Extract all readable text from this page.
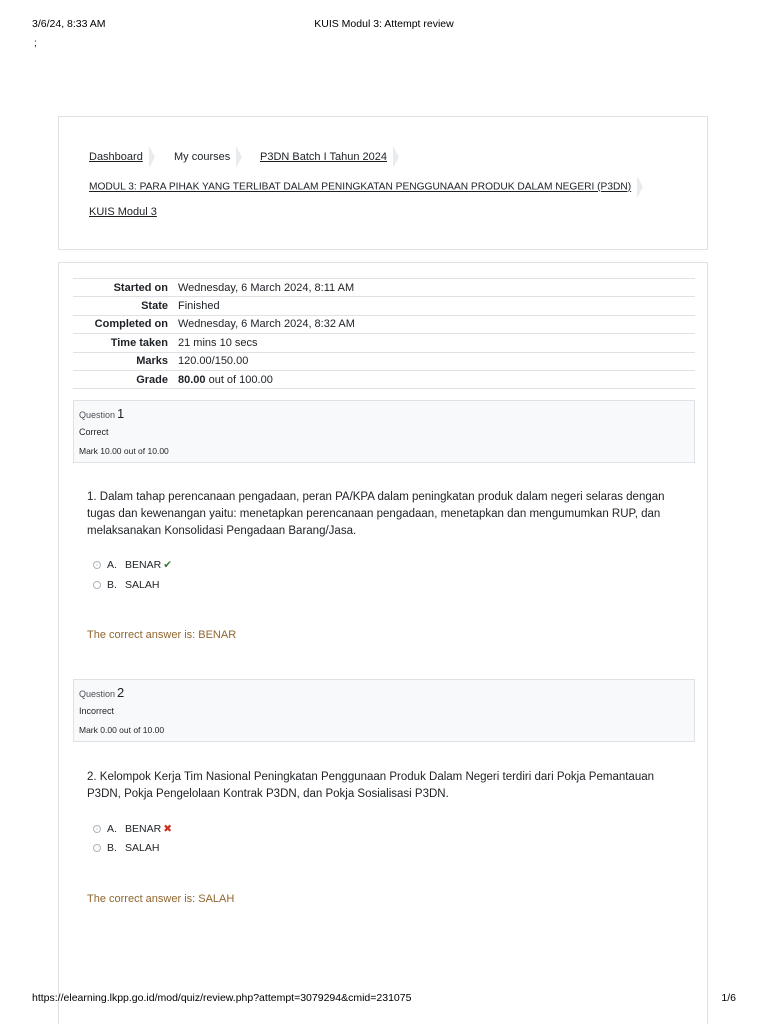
3/6/24, 8:33 AM	KUIS Modul 3: Attempt review
;
Dashboard	My courses	P3DN Batch I Tahun 2024
MODUL 3: PARA PIHAK YANG TERLIBAT DALAM PENINGKATAN PENGGUNAAN PRODUK DALAM NEGERI (P3DN)
KUIS Modul 3
Started on	Wednesday, 6 March 2024, 8:11 AM
State	Finished
Completed on	Wednesday, 6 March 2024, 8:32 AM
Time taken	21 mins 10 secs
Marks	120.00/150.00
Grade	80.00 out of 100.00
Question 1
Correct
Mark 10.00 out of 10.00
1. Dalam tahap perencanaan pengadaan, peran PA/KPA dalam peningkatan produk dalam negeri selaras dengan tugas dan kewenangan yaitu: menetapkan perencanaan pengadaan, menetapkan dan mengumumkan RUP, dan melaksanakan Konsolidasi Pengadaan Barang/Jasa.
A. BENAR ✔
B. SALAH
The correct answer is: BENAR
Question 2
Incorrect
Mark 0.00 out of 10.00
2. Kelompok Kerja Tim Nasional Peningkatan Penggunaan Produk Dalam Negeri terdiri dari Pokja Pemantauan P3DN, Pokja Pengelolaan Kontrak P3DN, dan Pokja Sosialisasi P3DN.
A. BENAR ✖
B. SALAH
The correct answer is: SALAH
https://elearning.lkpp.go.id/mod/quiz/review.php?attempt=3079294&cmid=231075	1/6
